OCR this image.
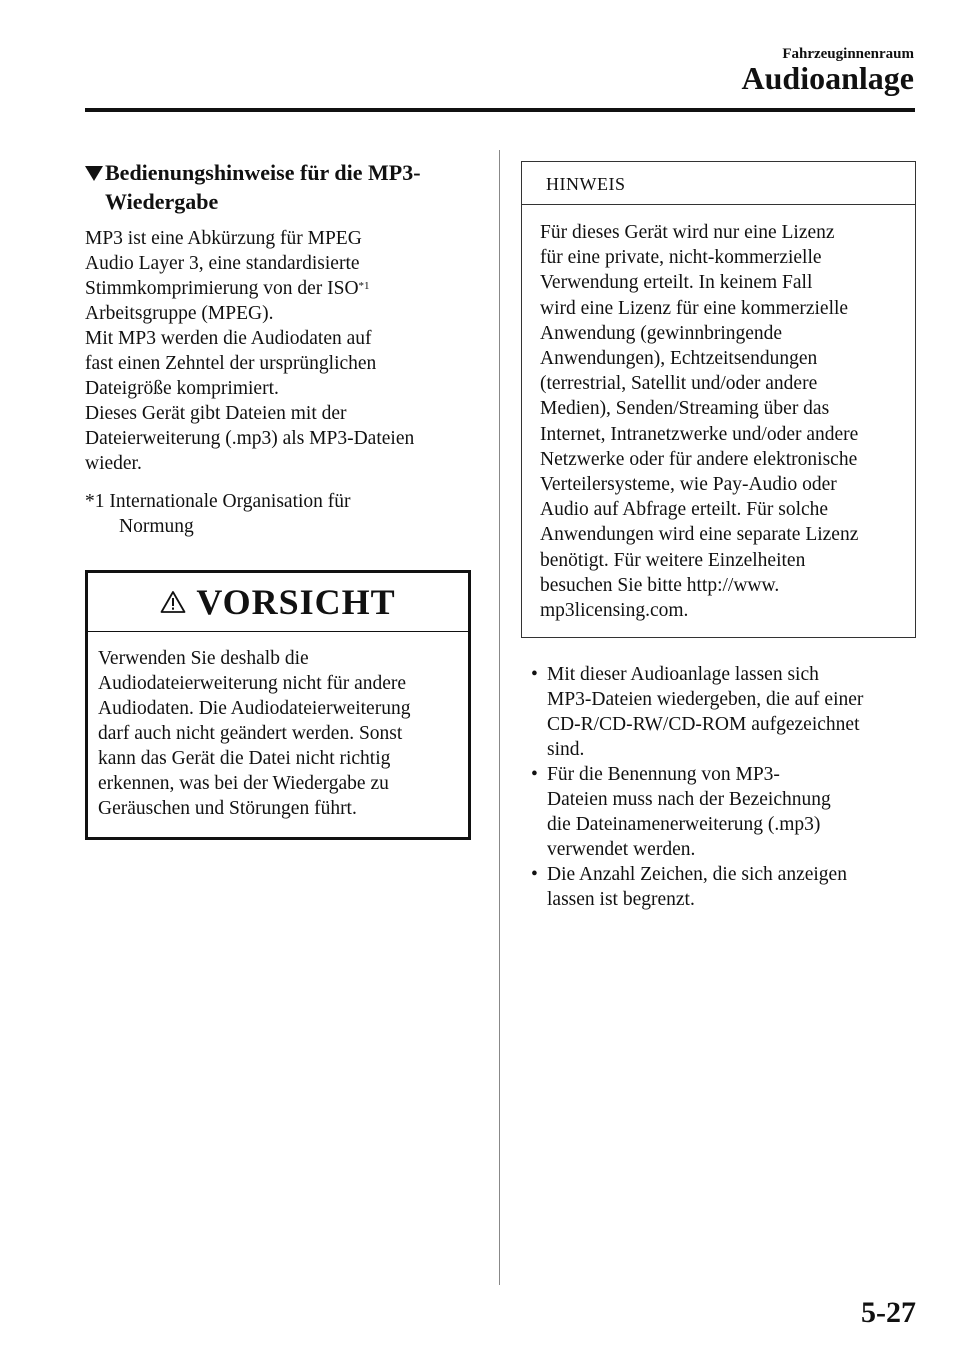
Fahrzeuginnenraum
Audioanlage
Bedienungshinweise für die MP3-
Wiedergabe
MP3 ist eine Abkürzung für MPEG
Audio Layer 3, eine standardisierte
Stimmkomprimierung von der ISO$^{*1}$
Arbeitsgruppe (MPEG).
Mit MP3 werden die Audiodaten auf
fast einen Zehntel der ursprünglichen
Dateigröße komprimiert.
Dieses Gerät gibt Dateien mit der
Dateierweiterung (.mp3) als MP3-Dateien
wieder.
*1 Internationale Organisation für
Normung
VORSICHT
Verwenden Sie deshalb die
Audiodateierweiterung nicht für andere
Audiodaten. Die Audiodateierweiterung
darf auch nicht geändert werden. Sonst
kann das Gerät die Datei nicht richtig
erkennen, was bei der Wiedergabe zu
Geräuschen und Störungen führt.
HINWEIS
Für dieses Gerät wird nur eine Lizenz
für eine private, nicht-kommerzielle
Verwendung erteilt. In keinem Fall
wird eine Lizenz für eine kommerzielle
Anwendung (gewinnbringende
Anwendungen), Echtzeitsendungen
(terrestrial, Satellit und/oder andere
Medien), Senden/Streaming über das
Internet, Intranetzwerke und/oder andere
Netzwerke oder für andere elektronische
Verteilersysteme, wie Pay-Audio oder
Audio auf Abfrage erteilt. Für solche
Anwendungen wird eine separate Lizenz
benötigt. Für weitere Einzelheiten
besuchen Sie bitte http://www.
mp3licensing.com.
• Mit dieser Audioanlage lassen sich
MP3-Dateien wiedergeben, die auf einer
CD-R/CD-RW/CD-ROM aufgezeichnet
sind.
• Für die Benennung von MP3-
Dateien muss nach der Bezeichnung
die Dateinamenerweiterung (.mp3)
verwendet werden.
• Die Anzahl Zeichen, die sich anzeigen
lassen ist begrenzt.
5-27
